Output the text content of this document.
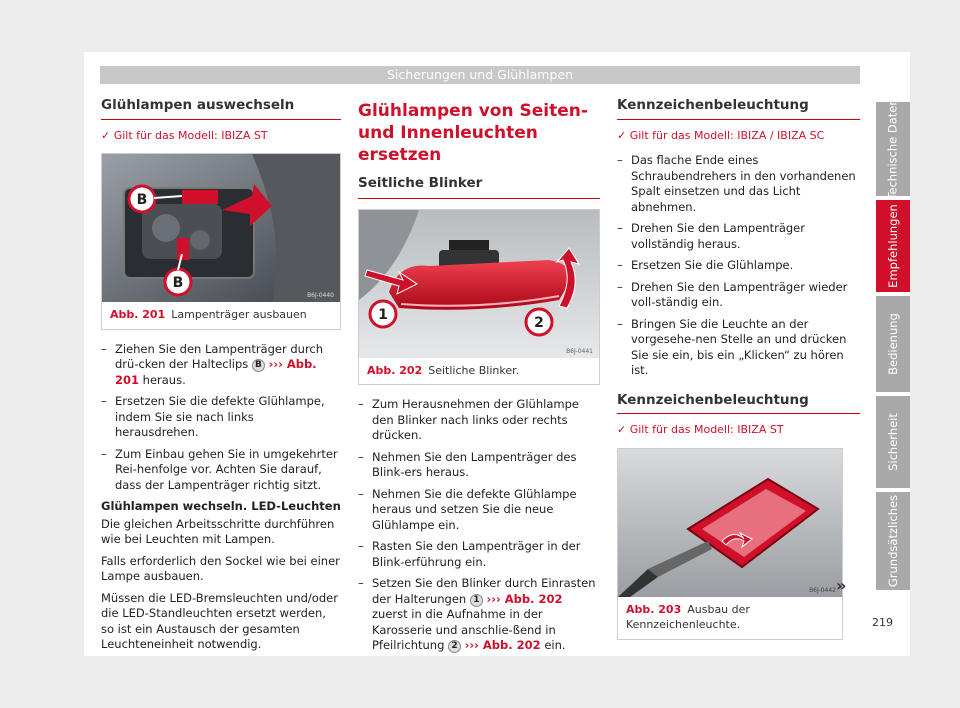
Sicherungen und Glühlampen
Glühlampen auswechseln
✓ Gilt für das Modell: IBIZA ST
B
B
B6J-0440
Abb. 201 Lampenträger ausbauen
– Ziehen Sie den Lampenträger durch drü-cken der Halteclips B ››› Abb. 201 heraus.
– Ersetzen Sie die defekte Glühlampe, indem Sie sie nach links herausdrehen.
– Zum Einbau gehen Sie in umgekehrter Rei-henfolge vor. Achten Sie darauf, dass der Lampenträger richtig sitzt.

Glühlampen wechseln. LED-Leuchten

Die gleichen Arbeitsschritte durchführen wie bei Leuchten mit Lampen.

Falls erforderlich den Sockel wie bei einer Lampe ausbauen.

Müssen die LED-Bremsleuchten und/oder die LED-Standleuchten ersetzt werden, so ist ein Austausch der gesamten Leuchteneinheit notwendig.

Glühlampen von Seiten- und Innenleuchten ersetzen
Seitliche Blinker
1	2
B6J-0441
Abb. 202 Seitliche Blinker.
– Zum Herausnehmen der Glühlampe den Blinker nach links oder rechts drücken.
– Nehmen Sie den Lampenträger des Blink-ers heraus.
– Nehmen Sie die defekte Glühlampe heraus und setzen Sie die neue Glühlampe ein.
– Rasten Sie den Lampenträger in der Blink-erführung ein.
– Setzen Sie den Blinker durch Einrasten der Halterungen 1 ››› Abb. 202 zuerst in die Aufnahme in der Karosserie und anschlie-ßend in Pfeilrichtung 2 ››› Abb. 202 ein.
Kennzeichenbeleuchtung
✓ Gilt für das Modell: IBIZA / IBIZA SC
– Das flache Ende eines Schraubendrehers in den vorhandenen Spalt einsetzen und das Licht abnehmen.
– Drehen Sie den Lampenträger vollständig heraus.
– Ersetzen Sie die Glühlampe.
– Drehen Sie den Lampenträger wieder voll-ständig ein.
– Bringen Sie die Leuchte an der vorgesehe-nen Stelle an und drücken Sie sie ein, bis ein „Klicken“ zu hören ist.
Kennzeichenbeleuchtung
✓ Gilt für das Modell: IBIZA ST
B6J-0442
Abb. 203 Ausbau der Kennzeichenleuchte.
»
Technische Daten
Empfehlungen
Bedienung
Sicherheit
Grundsätzliches
219
